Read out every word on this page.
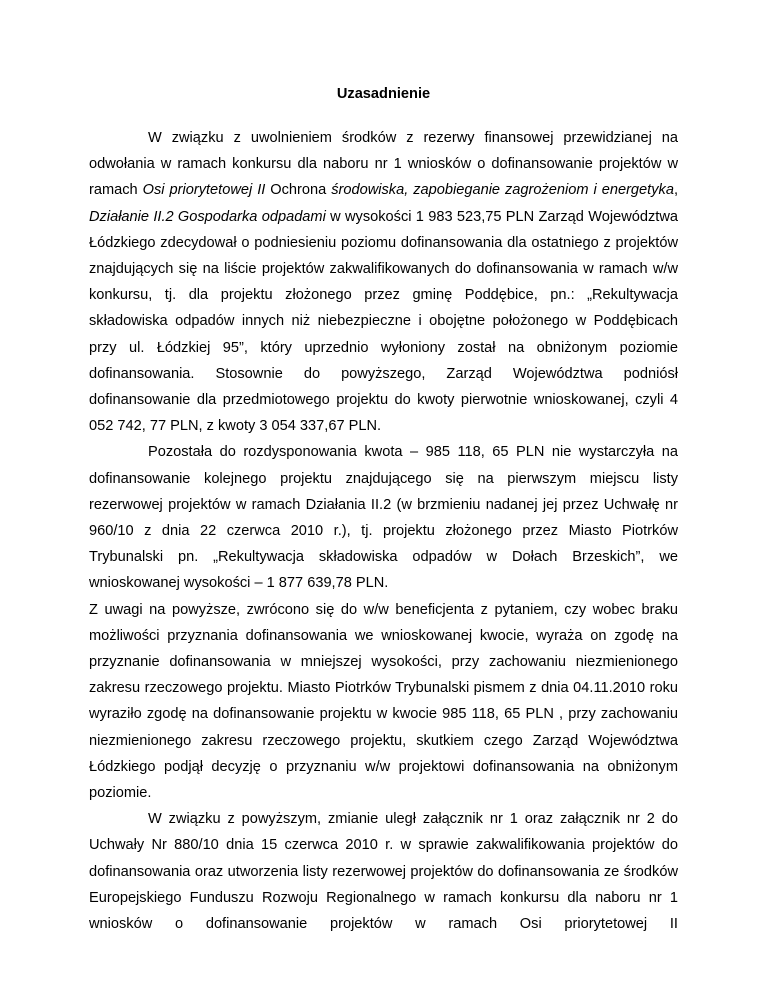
Uzasadnienie

W związku z uwolnieniem środków z rezerwy finansowej przewidzianej na odwołania w ramach konkursu dla naboru nr 1 wniosków o dofinansowanie projektów w ramach Osi priorytetowej II Ochrona środowiska, zapobieganie zagrożeniom i energetyka, Działanie II.2 Gospodarka odpadami w wysokości 1 983 523,75 PLN Zarząd Województwa Łódzkiego zdecydował o podniesieniu poziomu dofinansowania dla ostatniego z projektów znajdujących się na liście projektów zakwalifikowanych do dofinansowania w ramach w/w konkursu, tj. dla projektu złożonego przez gminę Poddębice, pn.: „Rekultywacja składowiska odpadów innych niż niebezpieczne i obojętne położonego w Poddębicach przy ul. Łódzkiej 95”, który uprzednio wyłoniony został na obniżonym poziomie dofinansowania. Stosownie do powyższego, Zarząd Województwa podniósł dofinansowanie dla przedmiotowego projektu do kwoty pierwotnie wnioskowanej, czyli 4 052 742, 77 PLN, z kwoty 3 054 337,67 PLN.

Pozostała do rozdysponowania kwota – 985 118, 65 PLN nie wystarczyła na dofinansowanie kolejnego projektu znajdującego się na pierwszym miejscu listy rezerwowej projektów w ramach Działania II.2 (w brzmieniu nadanej jej przez Uchwałę nr 960/10 z dnia 22 czerwca 2010 r.), tj. projektu złożonego przez Miasto Piotrków Trybunalski pn. „Rekultywacja składowiska odpadów w Dołach Brzeskich”, we wnioskowanej wysokości – 1 877 639,78 PLN.

Z uwagi na powyższe, zwrócono się do w/w beneficjenta z pytaniem, czy wobec braku możliwości przyznania dofinansowania we wnioskowanej kwocie, wyraża on zgodę na przyznanie dofinansowania w mniejszej wysokości, przy zachowaniu niezmienionego zakresu rzeczowego projektu. Miasto Piotrków Trybunalski pismem z dnia 04.11.2010 roku wyraziło zgodę na dofinansowanie projektu w kwocie 985 118, 65 PLN , przy zachowaniu niezmienionego zakresu rzeczowego projektu, skutkiem czego Zarząd Województwa Łódzkiego podjął decyzję o przyznaniu w/w projektowi dofinansowania na obniżonym poziomie.

W związku z powyższym, zmianie uległ załącznik nr 1 oraz załącznik nr 2 do Uchwały Nr 880/10 dnia 15 czerwca 2010 r. w sprawie zakwalifikowania projektów do dofinansowania oraz utworzenia listy rezerwowej projektów do dofinansowania ze środków Europejskiego Funduszu Rozwoju Regionalnego w ramach konkursu dla naboru nr 1 wniosków o dofinansowanie projektów w ramach Osi priorytetowej II
